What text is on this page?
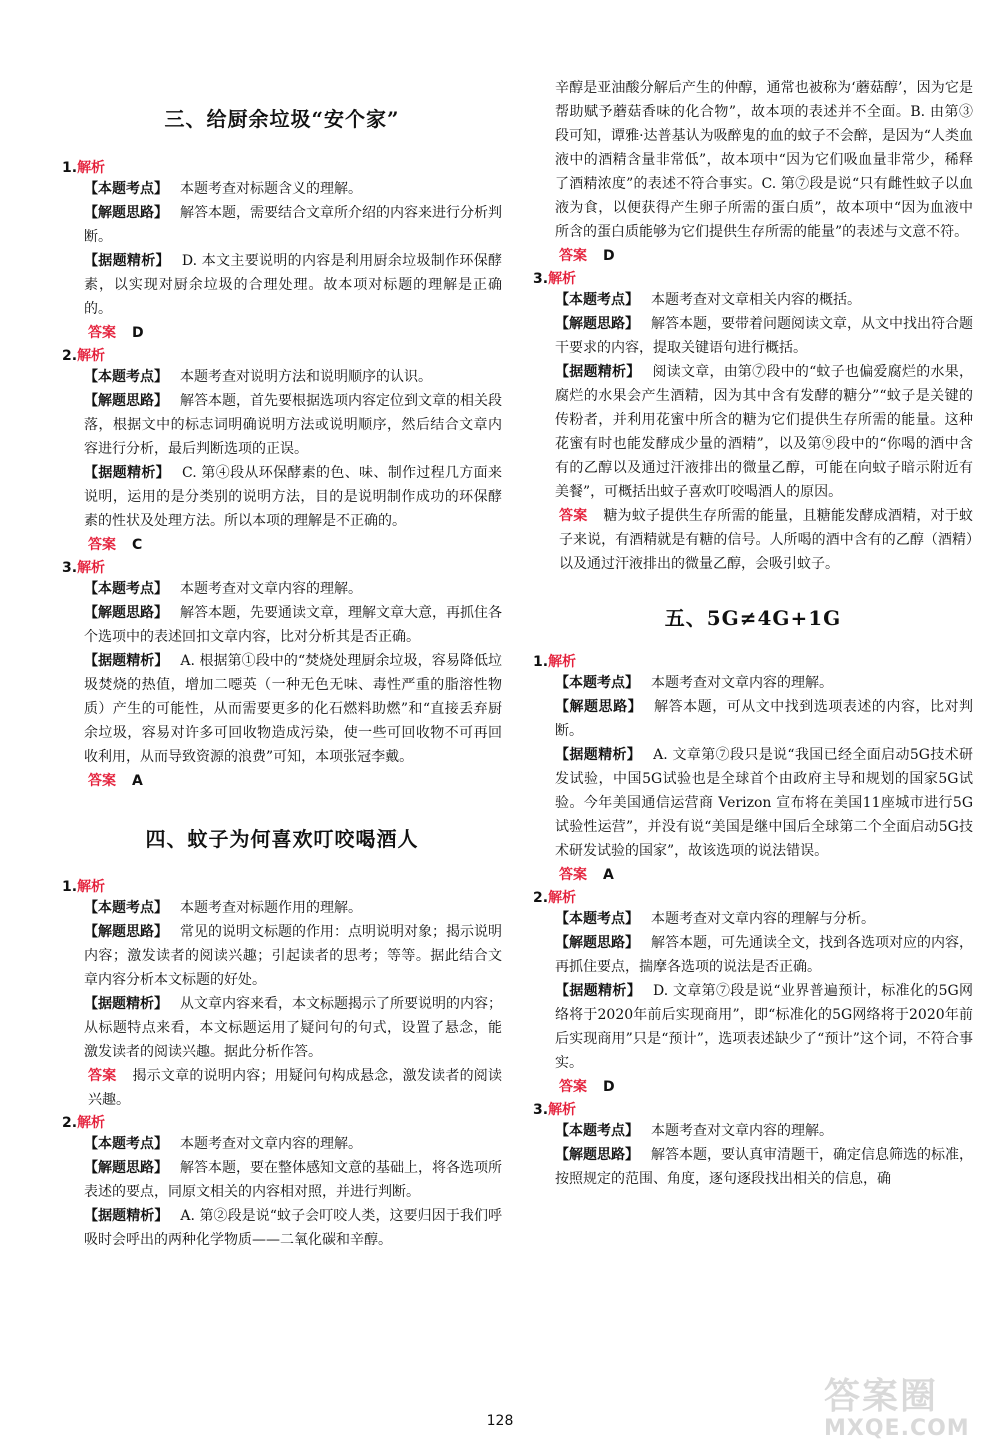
三、给厨余垃圾“安个家”

1.解析

【本题考点】 本题考查对标题含义的理解。

【解题思路】 解答本题，需要结合文章所介绍的内容来进行分析判断。

【据题精析】 D. 本文主要说明的内容是利用厨余垃圾制作环保酵素，以实现对厨余垃圾的合理处理。故本项对标题的理解是正确的。

答案 D

2.解析

【本题考点】 本题考查对说明方法和说明顺序的认识。

【解题思路】 解答本题，首先要根据选项内容定位到文章的相关段落，根据文中的标志词明确说明方法或说明顺序，然后结合文章内容进行分析，最后判断选项的正误。

【据题精析】 C. 第④段从环保酵素的色、味、制作过程几方面来说明，运用的是分类别的说明方法，目的是说明制作成功的环保酵素的性状及处理方法。所以本项的理解是不正确的。

答案 C

3.解析

【本题考点】 本题考查对文章内容的理解。

【解题思路】 解答本题，先要通读文章，理解文章大意，再抓住各个选项中的表述回扣文章内容，比对分析其是否正确。

【据题精析】 A. 根据第①段中的“焚烧处理厨余垃圾，容易降低垃圾焚烧的热值，增加二噁英（一种无色无味、毒性严重的脂溶性物质）产生的可能性，从而需要更多的化石燃料助燃”和“直接丢弃厨余垃圾，容易对许多可回收物造成污染，使一些可回收物不可再回收利用，从而导致资源的浪费”可知，本项张冠李戴。

答案 A

四、蚊子为何喜欢叮咬喝酒人

1.解析

【本题考点】 本题考查对标题作用的理解。

【解题思路】 常见的说明文标题的作用：点明说明对象；揭示说明内容；激发读者的阅读兴趣；引起读者的思考；等等。据此结合文章内容分析本文标题的好处。

【据题精析】 从文章内容来看，本文标题揭示了所要说明的内容；从标题特点来看，本文标题运用了疑问句的句式，设置了悬念，能激发读者的阅读兴趣。据此分析作答。

答案 揭示文章的说明内容；用疑问句构成悬念，激发读者的阅读兴趣。

2.解析

【本题考点】 本题考查对文章内容的理解。

【解题思路】 解答本题，要在整体感知文意的基础上，将各选项所表述的要点，同原文相关的内容相对照，并进行判断。

【据题精析】 A. 第②段是说“蚊子会叮咬人类，这要归因于我们呼吸时会呼出的两种化学物质——二氧化碳和辛醇。

辛醇是亚油酸分解后产生的仲醇，通常也被称为‘蘑菇醇’，因为它是帮助赋予蘑菇香味的化合物”，故本项的表述并不全面。B. 由第③段可知，谭雅·达普基认为吸醉鬼的血的蚊子不会醉，是因为“人类血液中的酒精含量非常低”，故本项中“因为它们吸血量非常少，稀释了酒精浓度”的表述不符合事实。C. 第⑦段是说“只有雌性蚊子以血液为食，以便获得产生卵子所需的蛋白质”，故本项中“因为血液中所含的蛋白质能够为它们提供生存所需的能量”的表述与文意不符。

答案 D

3.解析

【本题考点】 本题考查对文章相关内容的概括。

【解题思路】 解答本题，要带着问题阅读文章，从文中找出符合题干要求的内容，提取关键语句进行概括。

【据题精析】 阅读文章，由第⑦段中的“蚊子也偏爱腐烂的水果，腐烂的水果会产生酒精，因为其中含有发酵的糖分”“蚊子是关键的传粉者，并利用花蜜中所含的糖为它们提供生存所需的能量。这种花蜜有时也能发酵成少量的酒精”，以及第⑨段中的“你喝的酒中含有的乙醇以及通过汗液排出的微量乙醇，可能在向蚊子暗示附近有美餐”，可概括出蚊子喜欢叮咬喝酒人的原因。

答案 糖为蚊子提供生存所需的能量，且糖能发酵成酒精，对于蚊子来说，有酒精就是有糖的信号。人所喝的酒中含有的乙醇（酒精）以及通过汗液排出的微量乙醇，会吸引蚊子。

五、5G≠4G+1G

1.解析

【本题考点】 本题考查对文章内容的理解。

【解题思路】 解答本题，可从文中找到选项表述的内容，比对判断。

【据题精析】 A. 文章第⑦段只是说“我国已经全面启动5G技术研发试验，中国5G试验也是全球首个由政府主导和规划的国家5G试验。今年美国通信运营商 Verizon 宣布将在美国11座城市进行5G试验性运营”，并没有说“美国是继中国后全球第二个全面启动5G技术研发试验的国家”，故该选项的说法错误。

答案 A

2.解析

【本题考点】 本题考查对文章内容的理解与分析。

【解题思路】 解答本题，可先通读全文，找到各选项对应的内容，再抓住要点，揣摩各选项的说法是否正确。

【据题精析】 D. 文章第⑦段是说“业界普遍预计，标准化的5G网络将于2020年前后实现商用”，即“标准化的5G网络将于2020年前后实现商用”只是“预计”，选项表述缺少了“预计”这个词，不符合事实。

答案 D

3.解析

【本题考点】 本题考查对文章内容的理解。

【解题思路】 解答本题，要认真审清题干，确定信息筛选的标准，按照规定的范围、角度，逐句逐段找出相关的信息，确

128
答案圈
MXQE.COM
